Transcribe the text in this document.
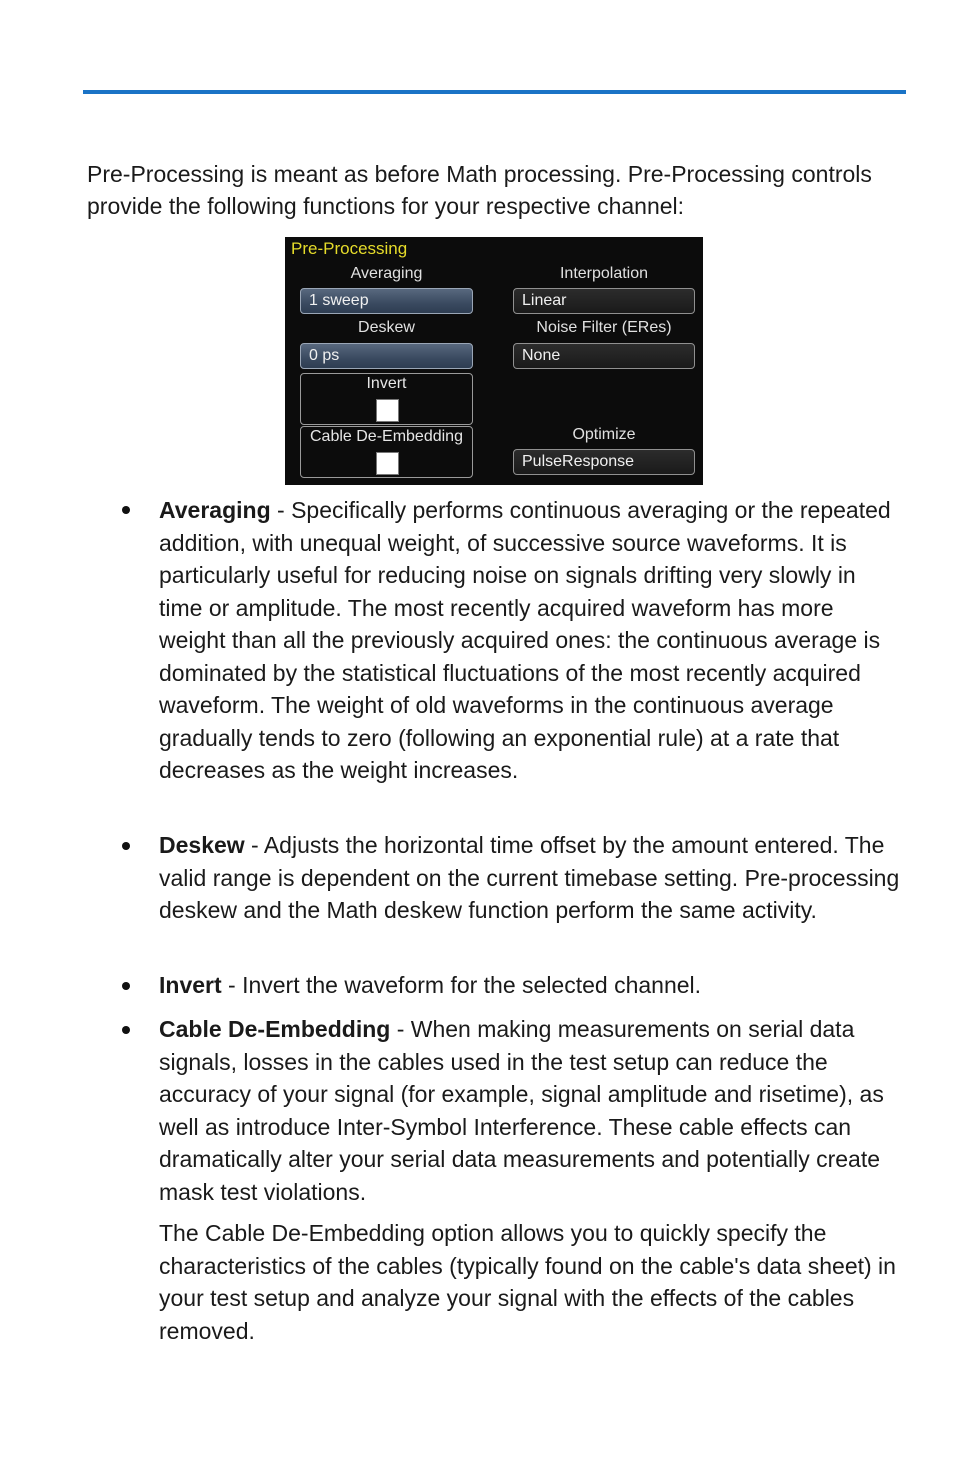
Pre-Processing is meant as before Math processing. Pre-Processing controls provide the following functions for your respective channel:

Pre-Processing
Averaging
1 sweep
Interpolation
Linear
Deskew
0 ps
Noise Filter (ERes)
None
Invert
Cable De-Embedding	Optimize
PulseResponse

Averaging - Specifically performs continuous averaging or the repeated addition, with unequal weight, of successive source waveforms. It is particularly useful for reducing noise on signals drifting very slowly in time or amplitude. The most recently acquired waveform has more weight than all the previously acquired ones: the continuous average is dominated by the statistical fluctuations of the most recently acquired waveform. The weight of old waveforms in the continuous average gradually tends to zero (following an exponential rule) at a rate that decreases as the weight increases.

Deskew - Adjusts the horizontal time offset by the amount entered. The valid range is dependent on the current timebase setting. Pre-processing deskew and the Math deskew function perform the same activity.

Invert - Invert the waveform for the selected channel.

Cable De-Embedding - When making measurements on serial data signals, losses in the cables used in the test setup can reduce the accuracy of your signal (for example, signal amplitude and risetime), as well as introduce Inter-Symbol Interference. These cable effects can dramatically alter your serial data measurements and potentially create mask test violations.

The Cable De-Embedding option allows you to quickly specify the characteristics of the cables (typically found on the cable's data sheet) in your test setup and analyze your signal with the effects of the cables removed.
